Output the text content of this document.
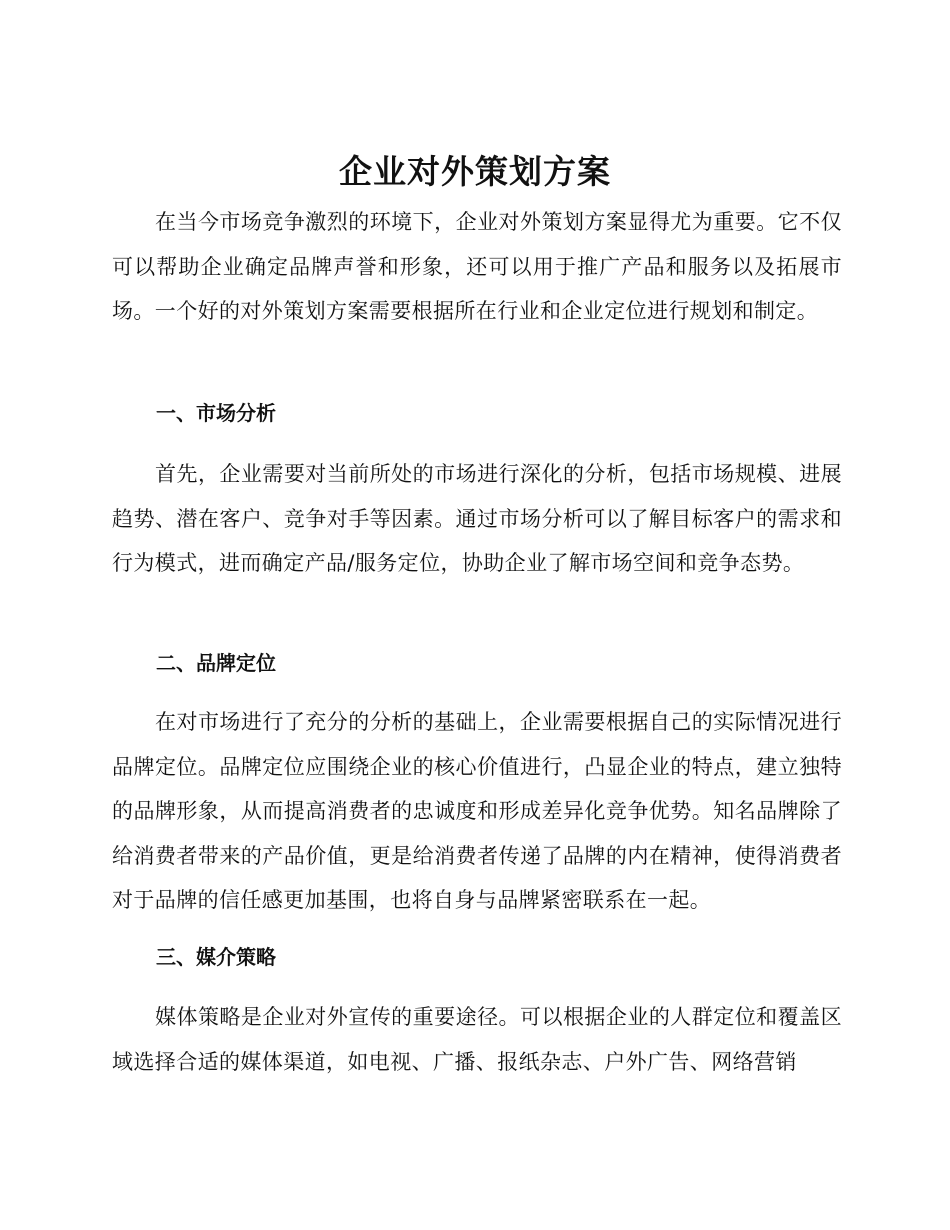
企业对外策划方案

在当今市场竞争激烈的环境下，企业对外策划方案显得尤为重要。它不仅可以帮助企业确定品牌声誉和形象，还可以用于推广产品和服务以及拓展市场。一个好的对外策划方案需要根据所在行业和企业定位进行规划和制定。

一、市场分析

首先，企业需要对当前所处的市场进行深化的分析，包括市场规模、进展趋势、潜在客户、竞争对手等因素。通过市场分析可以了解目标客户的需求和行为模式，进而确定产品/服务定位，协助企业了解市场空间和竞争态势。

二、品牌定位

在对市场进行了充分的分析的基础上，企业需要根据自己的实际情况进行品牌定位。品牌定位应围绕企业的核心价值进行，凸显企业的特点，建立独特的品牌形象，从而提高消费者的忠诚度和形成差异化竞争优势。知名品牌除了给消费者带来的产品价值，更是给消费者传递了品牌的内在精神，使得消费者对于品牌的信任感更加基围，也将自身与品牌紧密联系在一起。

三、媒介策略

媒体策略是企业对外宣传的重要途径。可以根据企业的人群定位和覆盖区域选择合适的媒体渠道，如电视、广播、报纸杂志、户外广告、网络营销
